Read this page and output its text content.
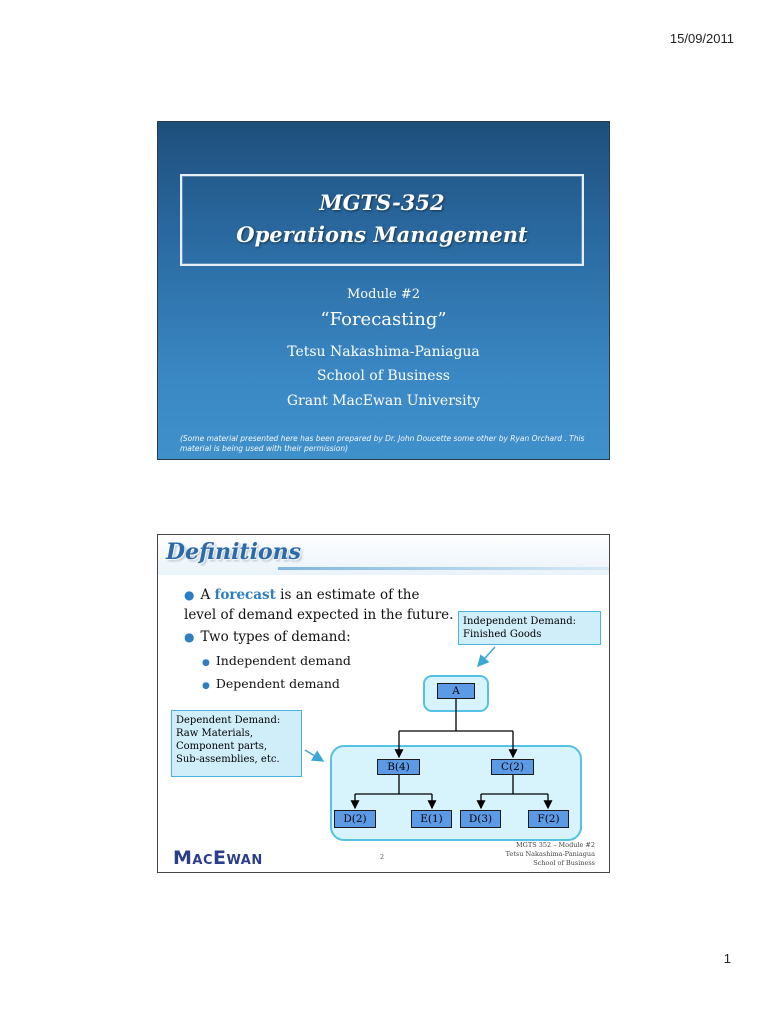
15/09/2011
MGTS-352
Operations Management
Module #2
“Forecasting”
Tetsu Nakashima-Paniagua
School of Business
Grant MacEwan University
(Some material presented here has been prepared by Dr. John Doucette some other by Ryan Orchard . This material is being used with their permission)
Definitions
● A forecast is an estimate of the level of demand expected in the future.
● Two types of demand:
● Independent demand
● Dependent demand
Independent Demand:
Finished Goods
Dependent Demand:
Raw Materials,
Component parts,
Sub-assemblies, etc.
A
B(4)	C(2)
D(2)	E(1)	D(3)	F(2)
MACEWAN	2
MGTS 352 – Module #2
Tetsu Nakashima-Paniagua
School of Business
1
